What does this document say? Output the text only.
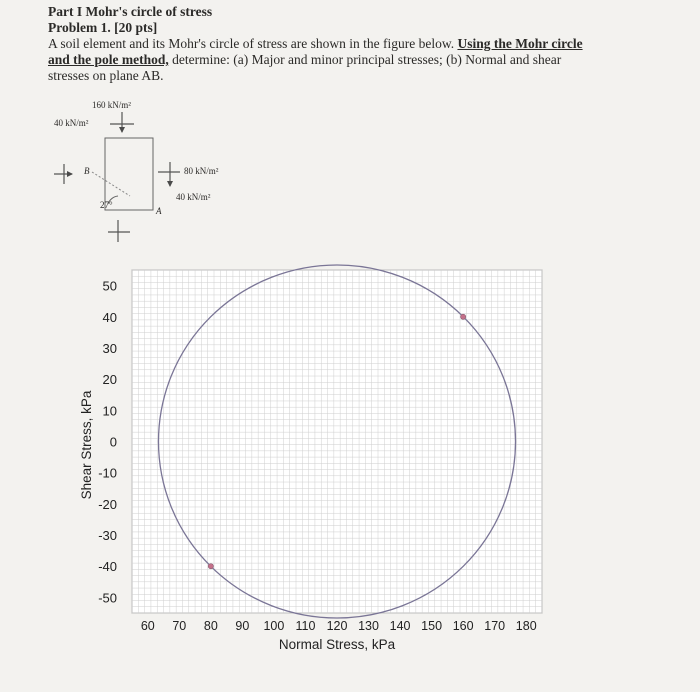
Part I Mohr's circle of stress
Problem 1. [20 pts]
A soil element and its Mohr's circle of stress are shown in the figure below. Using the Mohr circle
and the pole method, determine: (a) Major and minor principal stresses; (b) Normal and shear
stresses on plane AB.
160 kN/m²
40 kN/m²
80 kN/m²
40 kN/m²
27°
B
A
50
40
30
20
10
0
-10
-20
-30
-40
-50
60 70 80 90 100 110 120 130 140 150 160 170 180
Normal Stress, kPa
Shear Stress, kPa
